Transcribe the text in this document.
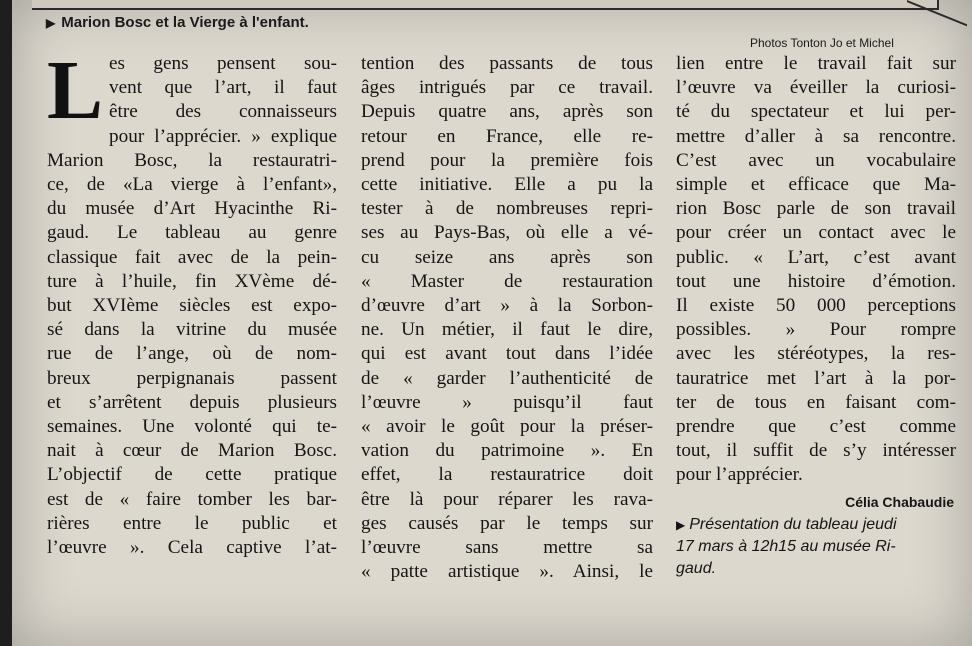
▶ Marion Bosc et la Vierge à l'enfant.
Photos Tonton Jo et Michel
L es gens pensent sou-
vent que l’art, il faut
être des connaisseurs
pour l’apprécier. » explique
Marion Bosc, la restauratri-
ce, de «La vierge à l’enfant»,
du musée d’Art Hyacinthe Ri-
gaud. Le tableau au genre
classique fait avec de la pein-
ture à l’huile, fin XVème dé-
but XVIème siècles est expo-
sé dans la vitrine du musée
rue de l’ange, où de nom-
breux perpignanais passent
et s’arrêtent depuis plusieurs
semaines. Une volonté qui te-
nait à cœur de Marion Bosc.
L’objectif de cette pratique
est de « faire tomber les bar-
rières entre le public et
l’œuvre ». Cela captive l’at-
tention des passants de tous
âges intrigués par ce travail.
Depuis quatre ans, après son
retour en France, elle re-
prend pour la première fois
cette initiative. Elle a pu la
tester à de nombreuses repri-
ses au Pays-Bas, où elle a vé-
cu seize ans après son
« Master de restauration
d’œuvre d’art » à la Sorbon-
ne. Un métier, il faut le dire,
qui est avant tout dans l’idée
de « garder l’authenticité de
l’œuvre » puisqu’il faut
« avoir le goût pour la préser-
vation du patrimoine ». En
effet, la restauratrice doit
être là pour réparer les rava-
ges causés par le temps sur
l’œuvre sans mettre sa
« patte artistique ». Ainsi, le
lien entre le travail fait sur
l’œuvre va éveiller la curiosi-
té du spectateur et lui per-
mettre d’aller à sa rencontre.
C’est avec un vocabulaire
simple et efficace que Ma-
rion Bosc parle de son travail
pour créer un contact avec le
public. « L’art, c’est avant
tout une histoire d’émotion.
Il existe 50 000 perceptions
possibles. » Pour rompre
avec les stéréotypes, la res-
tauratrice met l’art à la por-
ter de tous en faisant com-
prendre que c’est comme
tout, il suffit de s’y intéresser
pour l’apprécier.
Célia Chabaudie
▶ Présentation du tableau jeudi
17 mars à 12h15 au musée Ri-
gaud.
